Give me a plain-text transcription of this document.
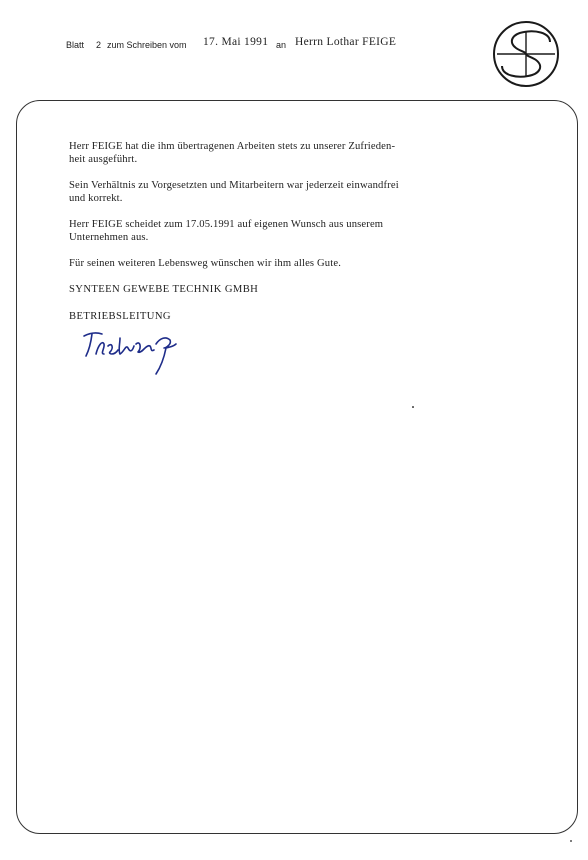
Blatt 2 zum Schreiben vom 17. Mai 1991 an Herrn Lothar FEIGE

Herr FEIGE hat die ihm übertragenen Arbeiten stets zu unserer Zufrieden-
heit ausgeführt.

Sein Verhältnis zu Vorgesetzten und Mitarbeitern war jederzeit einwandfrei
und korrekt.

Herr FEIGE scheidet zum 17.05.1991 auf eigenen Wunsch aus unserem
Unternehmen aus.

Für seinen weiteren Lebensweg wünschen wir ihm alles Gute.

SYNTEEN GEWEBE TECHNIK GMBH

BETRIEBSLEITUNG
